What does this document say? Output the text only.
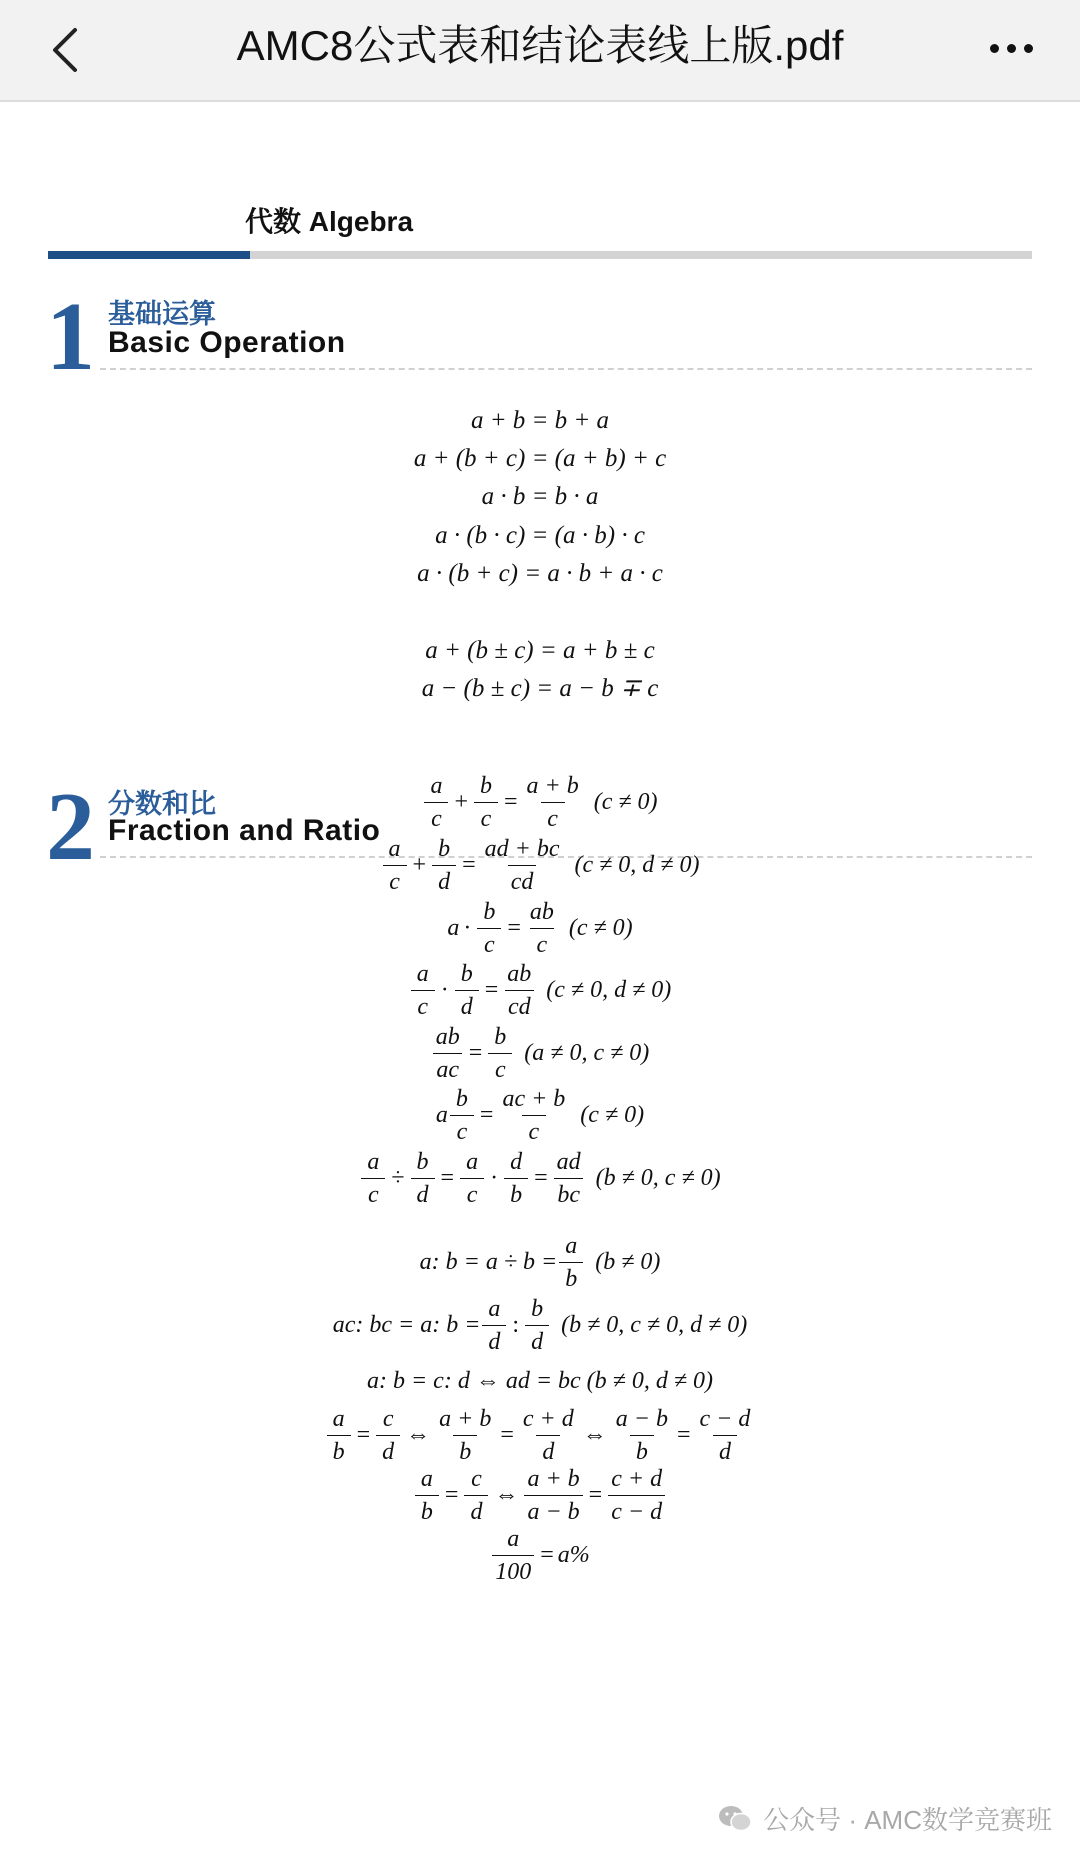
AMC8公式表和结论表线上版.pdf
代数 Algebra
1 基础运算
Basic Operation
a + b = b + a
a + (b + c) = (a + b) + c
a · b = b · a
a · (b · c) = (a · b) · c
a · (b + c) = a · b + a · c
a + (b ± c) = a + b ± c
a − (b ± c) = a − b ∓ c
2 分数和比
Fraction and Ratio $\frac{a}{c} + \frac{b}{c} = \frac{a + b}{c} (c \ne 0)$
$\frac{a}{c} + \frac{b}{d} = \frac{ad + bc}{cd} (c \ne 0$, d ≠ 0)
$a \cdot \frac{b}{c} = \frac{ab}{c} (c \ne 0)$
$\frac{a}{c} \cdot \frac{b}{d} = \frac{ab}{cd} (c \ne 0$, d ≠ 0)
$\frac{ab}{ac} = \frac{b}{c} (a \ne 0$, c ≠ 0)
a $\frac{b}{c} = \frac{ac + b}{c} (c \ne 0)$
$\frac{a}{c} \div \frac{b}{d} = \frac{a}{c} \cdot \frac{d}{b} = \frac{ad}{bc} (b \ne 0$, c ≠ 0)
a: $b = a \div b = \frac{a}{b} (b \ne 0)$
ac: bc = a: $b = \frac{a}{d}$ : $\frac{b}{d} (b \ne 0$, c ≠ 0, d ≠ 0)
a: b = c: d ⇔ ad = bc (b ≠ 0, d ≠ 0)
$\frac{a}{b} = \frac{c}{d}$ ⇔ $\frac{a + b}{b} = \frac{c + d}{d}$ ⇔ $\frac{a - b}{b} = \frac{c - d}{d}$
$\frac{a}{b} = \frac{c}{d}$ ⇔ $\frac{a + b}{a - b} = \frac{c + d}{c - d}$
$\frac{a}{100} = a\%$
公众号 · AMC数学竞赛班
